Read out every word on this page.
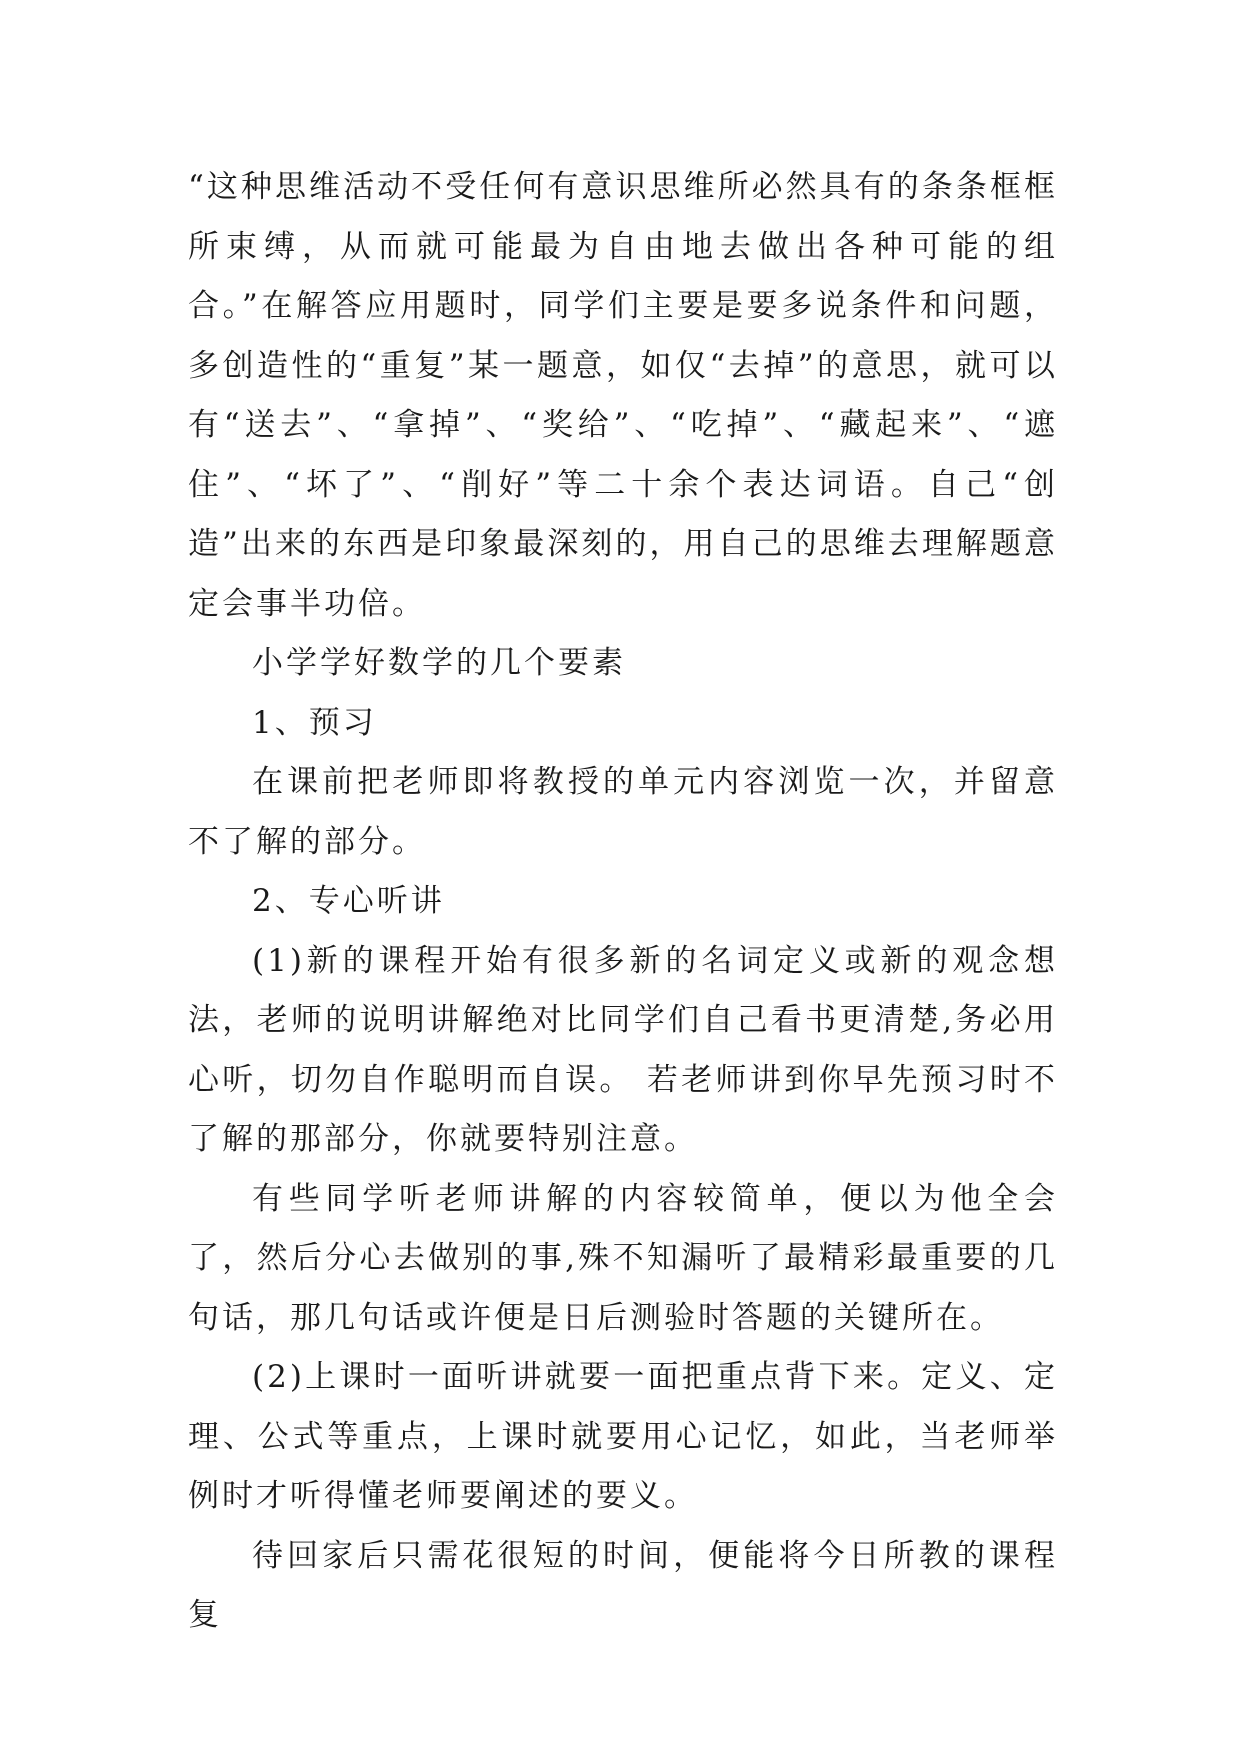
“这种思维活动不受任何有意识思维所必然具有的条条框框所束缚，从而就可能最为自由地去做出各种可能的组合。”在解答应用题时，同学们主要是要多说条件和问题，多创造性的“重复”某一题意，如仅“去掉”的意思，就可以有“送去”、“拿掉”、“奖给”、“吃掉”、“藏起来”、“遮住”、“坏了”、“削好”等二十余个表达词语。自己“创造”出来的东西是印象最深刻的，用自己的思维去理解题意定会事半功倍。

小学学好数学的几个要素

1、预习

在课前把老师即将教授的单元内容浏览一次，并留意不了解的部分。

2、专心听讲

(1)新的课程开始有很多新的名词定义或新的观念想法，老师的说明讲解绝对比同学们自己看书更清楚,务必用心听，切勿自作聪明而自误。 若老师讲到你早先预习时不了解的那部分，你就要特别注意。

有些同学听老师讲解的内容较简单，便以为他全会了，然后分心去做别的事,殊不知漏听了最精彩最重要的几句话，那几句话或许便是日后测验时答题的关键所在。

(2)上课时一面听讲就要一面把重点背下来。定义、定理、公式等重点，上课时就要用心记忆，如此，当老师举例时才听得懂老师要阐述的要义。

待回家后只需花很短的时间，便能将今日所教的课程复
